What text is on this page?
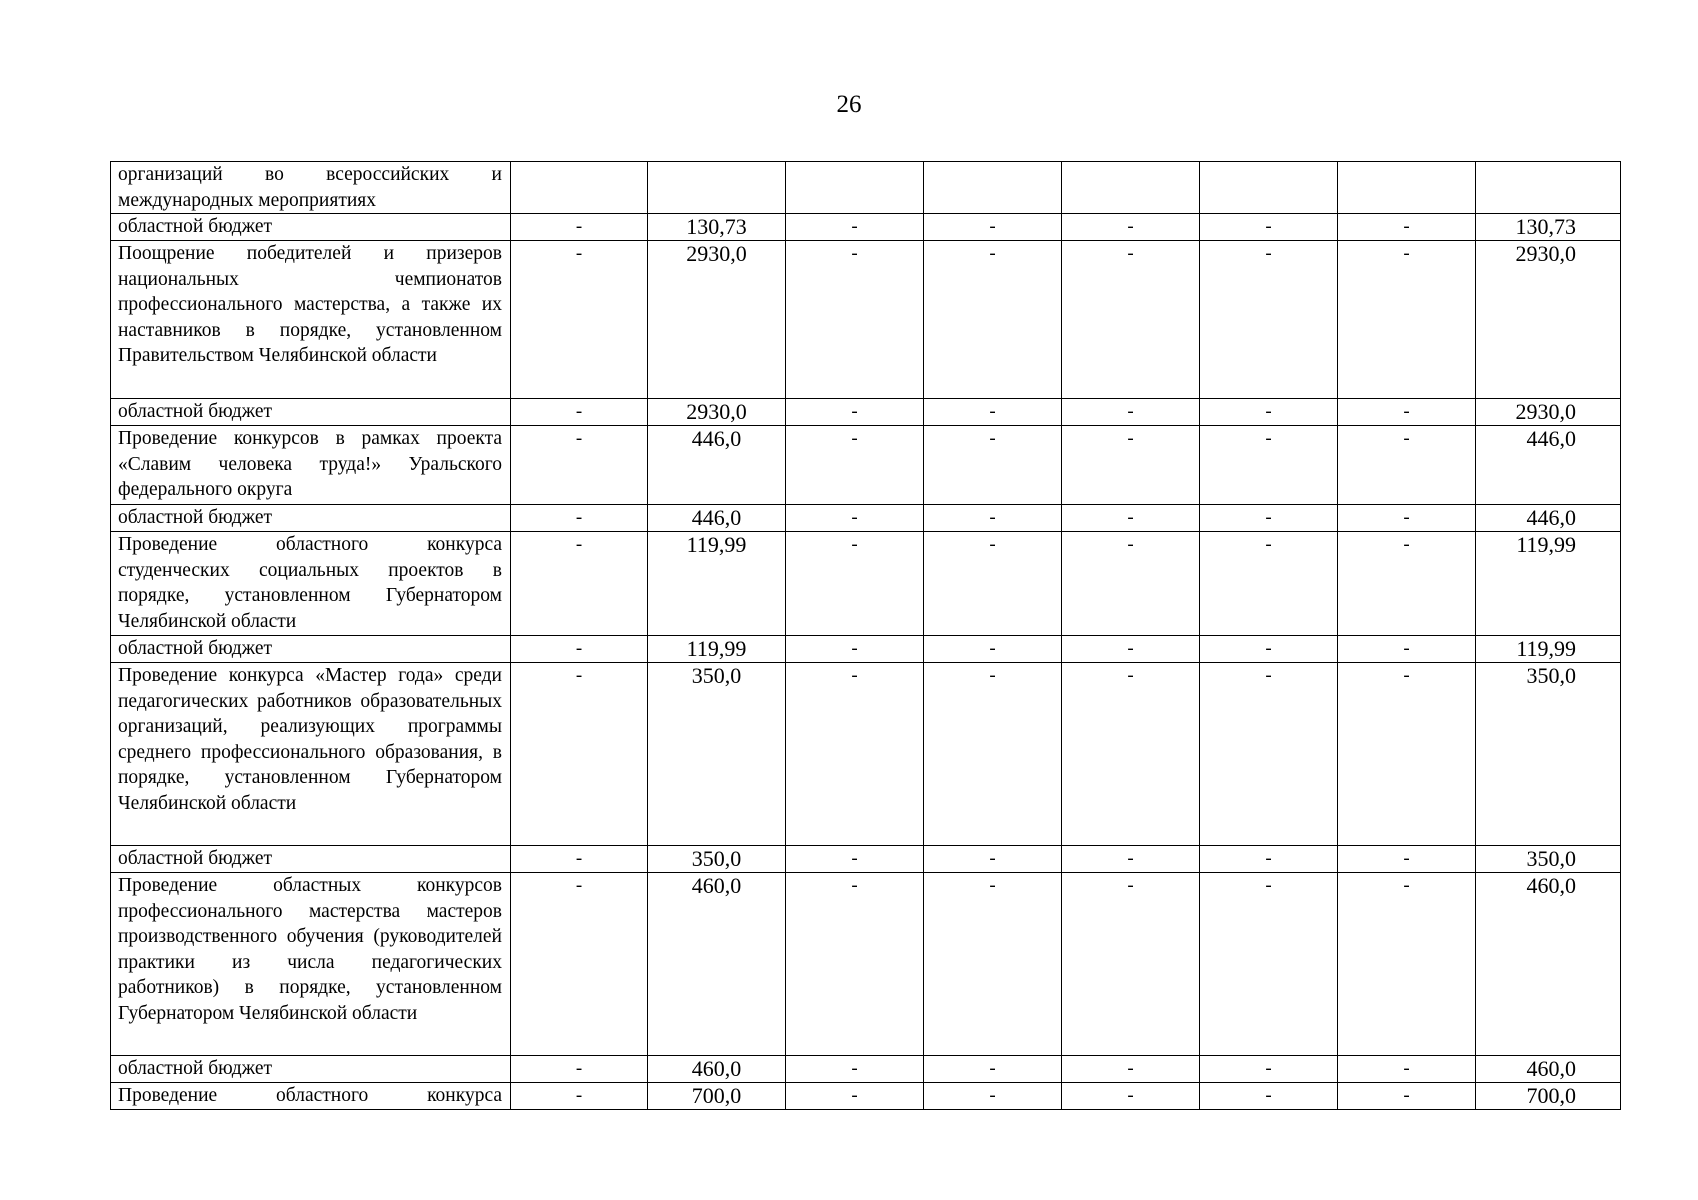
26
организаций во всероссийских и международных мероприятиях								
областной бюджет	-	130,73	-	-	-	-	-	130,73
Поощрение победителей и призеров национальных чемпионатов профессионального мастерства, а также их наставников в порядке, установленном Правительством Челябинской области	-	2930,0	-	-	-	-	-	2930,0
областной бюджет	-	2930,0	-	-	-	-	-	2930,0
Проведение конкурсов в рамках проекта «Славим человека труда!» Уральского федерального округа	-	446,0	-	-	-	-	-	446,0
областной бюджет	-	446,0	-	-	-	-	-	446,0
Проведение областного конкурса студенческих социальных проектов в порядке, установленном Губернатором Челябинской области	-	119,99	-	-	-	-	-	119,99
областной бюджет	-	119,99	-	-	-	-	-	119,99
Проведение конкурса «Мастер года» среди педагогических работников образовательных организаций, реализующих программы среднего профессионального образования, в порядке, установленном Губернатором Челябинской области	-	350,0	-	-	-	-	-	350,0
областной бюджет	-	350,0	-	-	-	-	-	350,0
Проведение областных конкурсов профессионального мастерства мастеров производственного обучения (руководителей практики из числа педагогических работников) в порядке, установленном Губернатором Челябинской области	-	460,0	-	-	-	-	-	460,0
областной бюджет	-	460,0	-	-	-	-	-	460,0
Проведение областного конкурса	-	700,0	-	-	-	-	-	700,0
